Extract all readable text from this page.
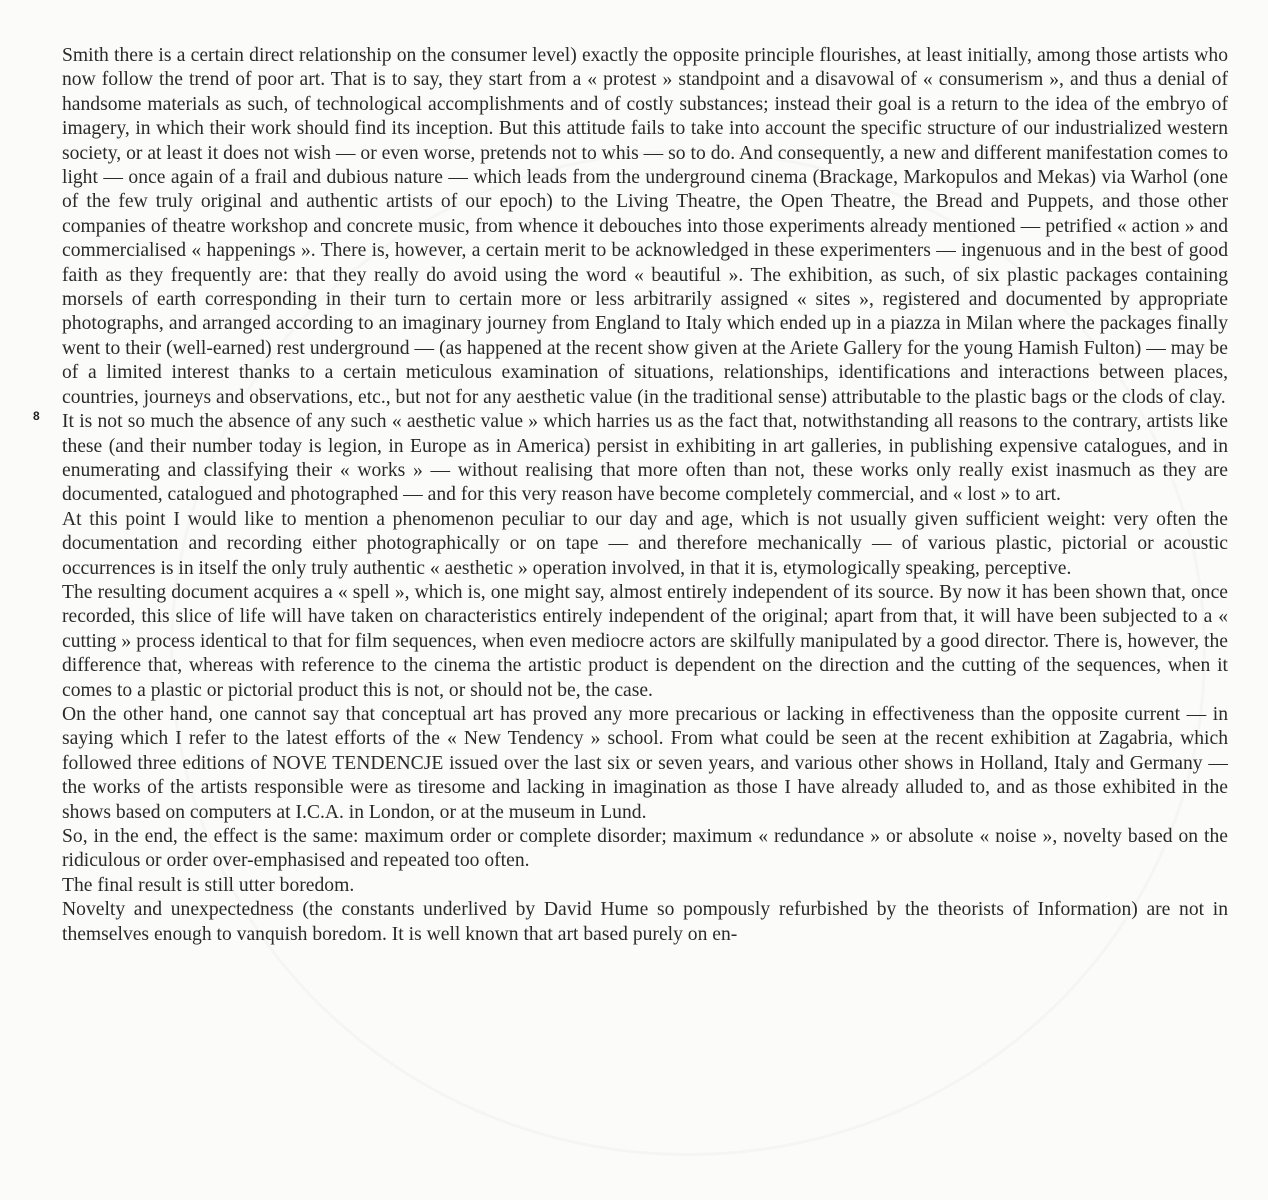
8

Smith there is a certain direct relationship on the consumer level) exactly the opposite principle flourishes, at least initially, among those artists who now follow the trend of poor art. That is to say, they start from a « protest » standpoint and a disavowal of « consumerism », and thus a denial of handsome materials as such, of technological accomplishments and of costly substances; instead their goal is a return to the idea of the embryo of imagery, in which their work should find its inception. But this attitude fails to take into account the specific structure of our industrialized western society, or at least it does not wish — or even worse, pretends not to whis — so to do. And consequently, a new and different manifestation comes to light — once again of a frail and dubious nature — which leads from the underground cinema (Brackage, Markopulos and Mekas) via Warhol (one of the few truly original and authentic artists of our epoch) to the Living Theatre, the Open Theatre, the Bread and Puppets, and those other companies of theatre workshop and concrete music, from whence it debouches into those experiments already mentioned — petrified « action » and commercialised « happenings ». There is, however, a certain merit to be acknowledged in these experimenters — ingenuous and in the best of good faith as they frequently are: that they really do avoid using the word « beautiful ». The exhibition, as such, of six plastic packages containing morsels of earth corresponding in their turn to certain more or less arbitrarily assigned « sites », registered and documented by appropriate photographs, and arranged according to an imaginary journey from England to Italy which ended up in a piazza in Milan where the packages finally went to their (well-earned) rest underground — (as happened at the recent show given at the Ariete Gallery for the young Hamish Fulton) — may be of a limited interest thanks to a certain meticulous examination of situations, relationships, identifications and interactions between places, countries, journeys and observations, etc., but not for any aesthetic value (in the traditional sense) attributable to the plastic bags or the clods of clay.

It is not so much the absence of any such « aesthetic value » which harries us as the fact that, notwithstanding all reasons to the contrary, artists like these (and their number today is legion, in Europe as in America) persist in exhibiting in art galleries, in publishing expensive catalogues, and in enumerating and classifying their « works » — without realising that more often than not, these works only really exist inasmuch as they are documented, catalogued and photographed — and for this very reason have become completely commercial, and « lost » to art.

At this point I would like to mention a phenomenon peculiar to our day and age, which is not usually given sufficient weight: very often the documentation and recording either photographically or on tape — and therefore mechanically — of various plastic, pictorial or acoustic occurrences is in itself the only truly authentic « aesthetic » operation involved, in that it is, etymologically speaking, perceptive.

The resulting document acquires a « spell », which is, one might say, almost entirely independent of its source. By now it has been shown that, once recorded, this slice of life will have taken on characteristics entirely independent of the original; apart from that, it will have been subjected to a « cutting » process identical to that for film sequences, when even mediocre actors are skilfully manipulated by a good director. There is, however, the difference that, whereas with reference to the cinema the artistic product is dependent on the direction and the cutting of the sequences, when it comes to a plastic or pictorial product this is not, or should not be, the case.

On the other hand, one cannot say that conceptual art has proved any more precarious or lacking in effectiveness than the opposite current — in saying which I refer to the latest efforts of the « New Tendency » school. From what could be seen at the recent exhibition at Zagabria, which followed three editions of NOVE TENDENCJE issued over the last six or seven years, and various other shows in Holland, Italy and Germany — the works of the artists responsible were as tiresome and lacking in imagination as those I have already alluded to, and as those exhibited in the shows based on computers at I.C.A. in London, or at the museum in Lund.

So, in the end, the effect is the same: maximum order or complete disorder; maximum « redundance » or absolute « noise », novelty based on the ridiculous or order over-emphasised and repeated too often.

The final result is still utter boredom.

Novelty and unexpectedness (the constants underlived by David Hume so pompously refurbished by the theorists of Information) are not in themselves enough to vanquish boredom. It is well known that art based purely on en-
